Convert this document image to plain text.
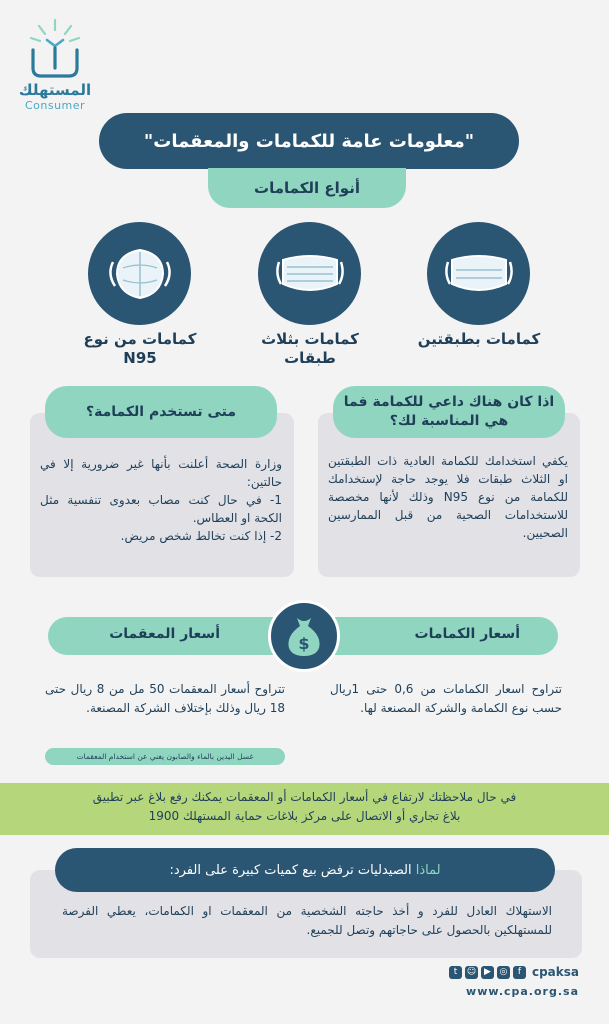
المستهلك
Consumer
"معلومات عامة للكمامات والمعقمات"
أنواع الكمامات
كمامات بطبقتين
كمامات بثلاث طبقات
كمامات من نوع N95
اذا كان هناك داعي للكمامة فما هي المناسبة لك؟
يكفي استخدامك للكمامة العادية ذات الطبقتين او الثلاث طبقات فلا يوجد حاجة لإستخدامك للكمامة من نوع N95 وذلك لأنها مخصصة للاستخدامات الصحية من قبل الممارسين الصحيين.
متى تستخدم الكمامة؟
وزارة الصحة أعلنت بأنها غير ضرورية إلا في حالتين:
1- في حال كنت مصاب بعدوى تنفسية مثل الكحة او العطاس.
2- إذا كنت تخالط شخص مريض.
أسعار الكمامات
أسعار المعقمات	$
تتراوح اسعار الكمامات من 0,6 حتى 1ريال حسب نوع الكمامة والشركة المصنعة لها.
تتراوح أسعار المعقمات 50 مل من 8 ريال حتى 18 ريال وذلك بإختلاف الشركة المصنعة.
غسل اليدين بالماء والصابون يغني عن استخدام المعقمات
في حال ملاحظتك لارتفاع في أسعار الكمامات أو المعقمات يمكنك رفع بلاغ عبر تطبيق
بلاغ تجاري أو الاتصال على مركز بلاغات حماية المستهلك 1900
لماذا

الصيدليات ترفض بيع كميات كبيرة على الفرد:
الاستهلاك العادل للفرد و أخذ حاجته الشخصية من المعقمات او الكمامات، يعطي الفرصة للمستهلكين بالحصول على حاجاتهم وتصل للجميع.
t	☺ ▶ ◎	f cpaksa
www.cpa.org.sa
